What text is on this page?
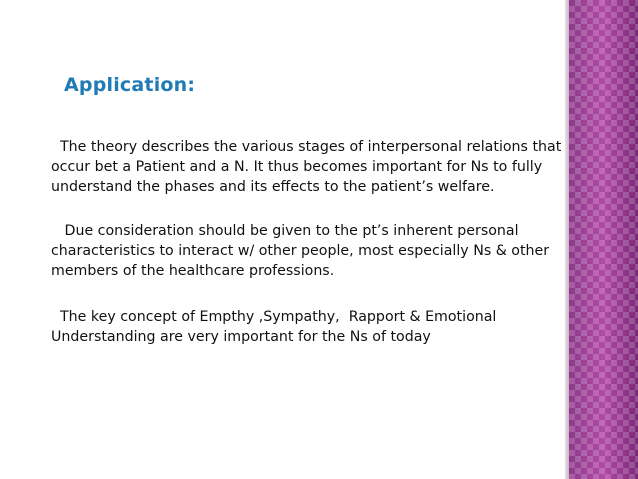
Application:

The theory describes the various stages of interpersonal relations that
occur bet a Patient and a N. It thus becomes important for Ns to fully
understand the phases and its effects to the patient’s welfare.

Due consideration should be given to the pt’s inherent personal
characteristics to interact w/ other people, most especially Ns & other
members of the healthcare professions.

The key concept of Empthy ,Sympathy,  Rapport & Emotional
Understanding are very important for the Ns of today
